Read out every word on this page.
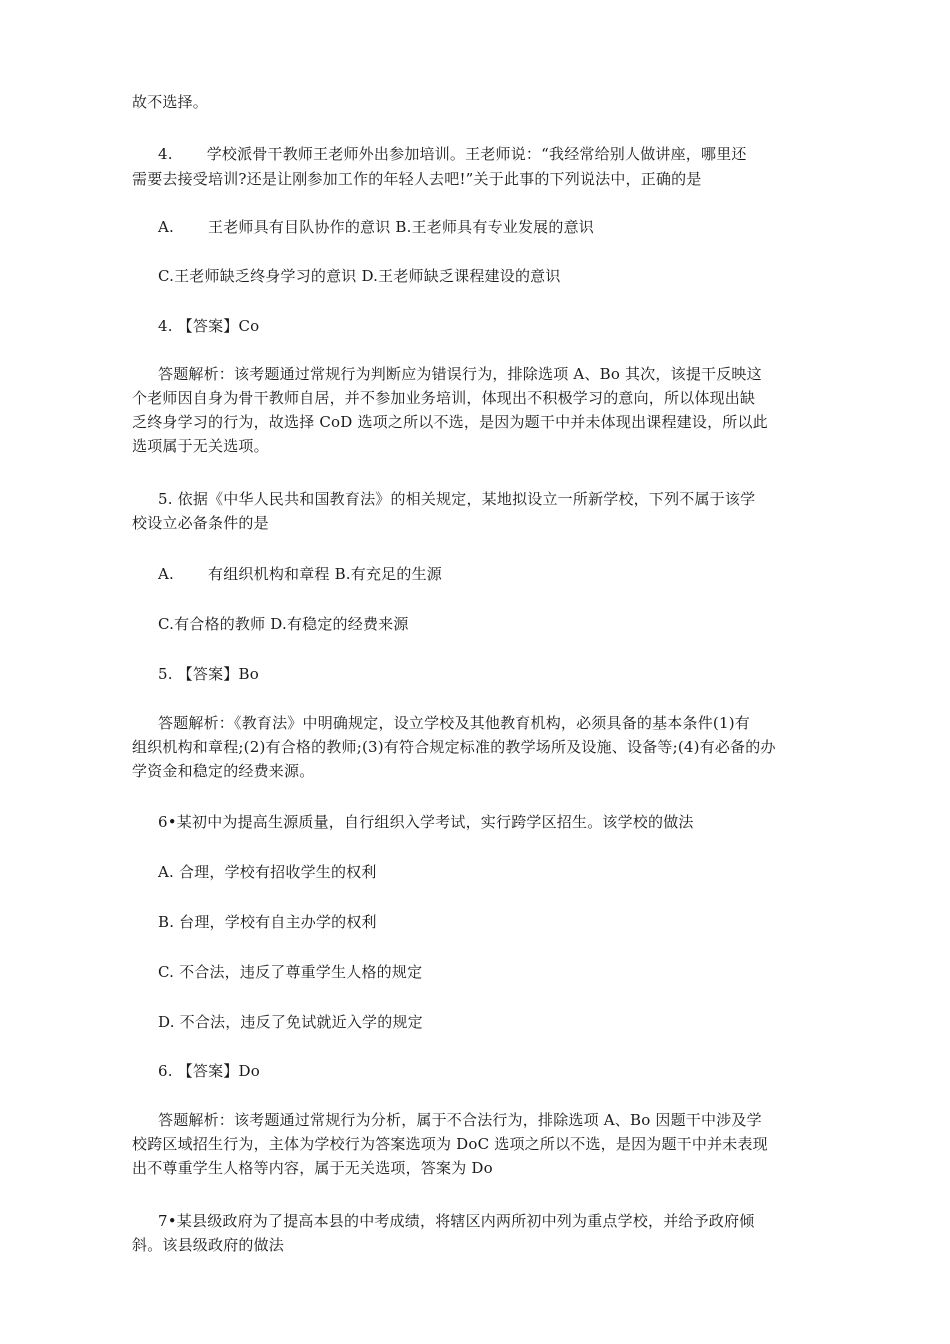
故不选择。
4. 学校派骨干教师王老师外出参加培训。王老师说：“我经常给别人做讲座，哪里还
需要去接受培训?还是让刚参加工作的年轻人去吧!”关于此事的下列说法中，正确的是
A. 王老师具有目队协作的意识 B.王老师具有专业发展的意识
C.王老师缺乏终身学习的意识 D.王老师缺乏课程建设的意识
4. 【答案】Co
答题解析：该考题通过常规行为判断应为错误行为，排除选项 A、Bo 其次，该提干反映这
个老师因自身为骨干教师自居，并不参加业务培训，体现出不积极学习的意向，所以体现出缺
乏终身学习的行为，故选择 CoD 选项之所以不选，是因为题干中并未体现出课程建设，所以此
选项属于无关选项。
5. 依据《中华人民共和国教育法》的相关规定，某地拟设立一所新学校，下列不属于该学
校设立必备条件的是
A. 有组织机构和章程 B.有充足的生源
C.有合格的教师 D.有稳定的经费来源
5. 【答案】Bo
答题解析：《教育法》中明确规定，设立学校及其他教育机构，必须具备的基本条件(1)有
组织机构和章程;(2)有合格的教师;(3)有符合规定标准的教学场所及设施、设备等;(4)有必备的办
学资金和稳定的经费来源。
6•某初中为提高生源质量，自行组织入学考试，实行跨学区招生。该学校的做法
A. 合理，学校有招收学生的权利
B. 台理，学校有自主办学的权利
C. 不合法，违反了尊重学生人格的规定
D. 不合法，违反了免试就近入学的规定
6. 【答案】Do
答题解析：该考题通过常规行为分析，属于不合法行为，排除选项 A、Bo 因题干中涉及学
校跨区域招生行为，主体为学校行为答案选项为 DoC 选项之所以不选，是因为题干中并未表现
出不尊重学生人格等内容，属于无关选项，答案为 Do
7•某县级政府为了提高本县的中考成绩，将辖区内两所初中列为重点学校，并给予政府倾
斜。该县级政府的做法
